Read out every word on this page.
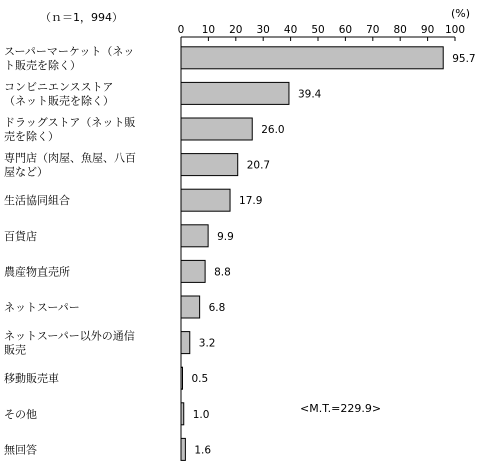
（ｎ＝1，994）	(%)
0 10 20 30 40 50 60 70 80 90 100
95.7
スーパーマーケット（ネッ
ト販売を除く）
39.4
コンビニエンスストア
（ネット販売を除く）
26.0
ドラッグストア（ネット販
売を除く）
20.7
専門店（肉屋、魚屋、八百
屋など）
17.9
生活協同組合
9.9
百貨店
8.8
農産物直売所
6.8
ネットスーパー
3.2
ネットスーパー以外の通信
販売
0.5
移動販売車
1.0
その他
1.6
無回答
<M.T.=229.9>
